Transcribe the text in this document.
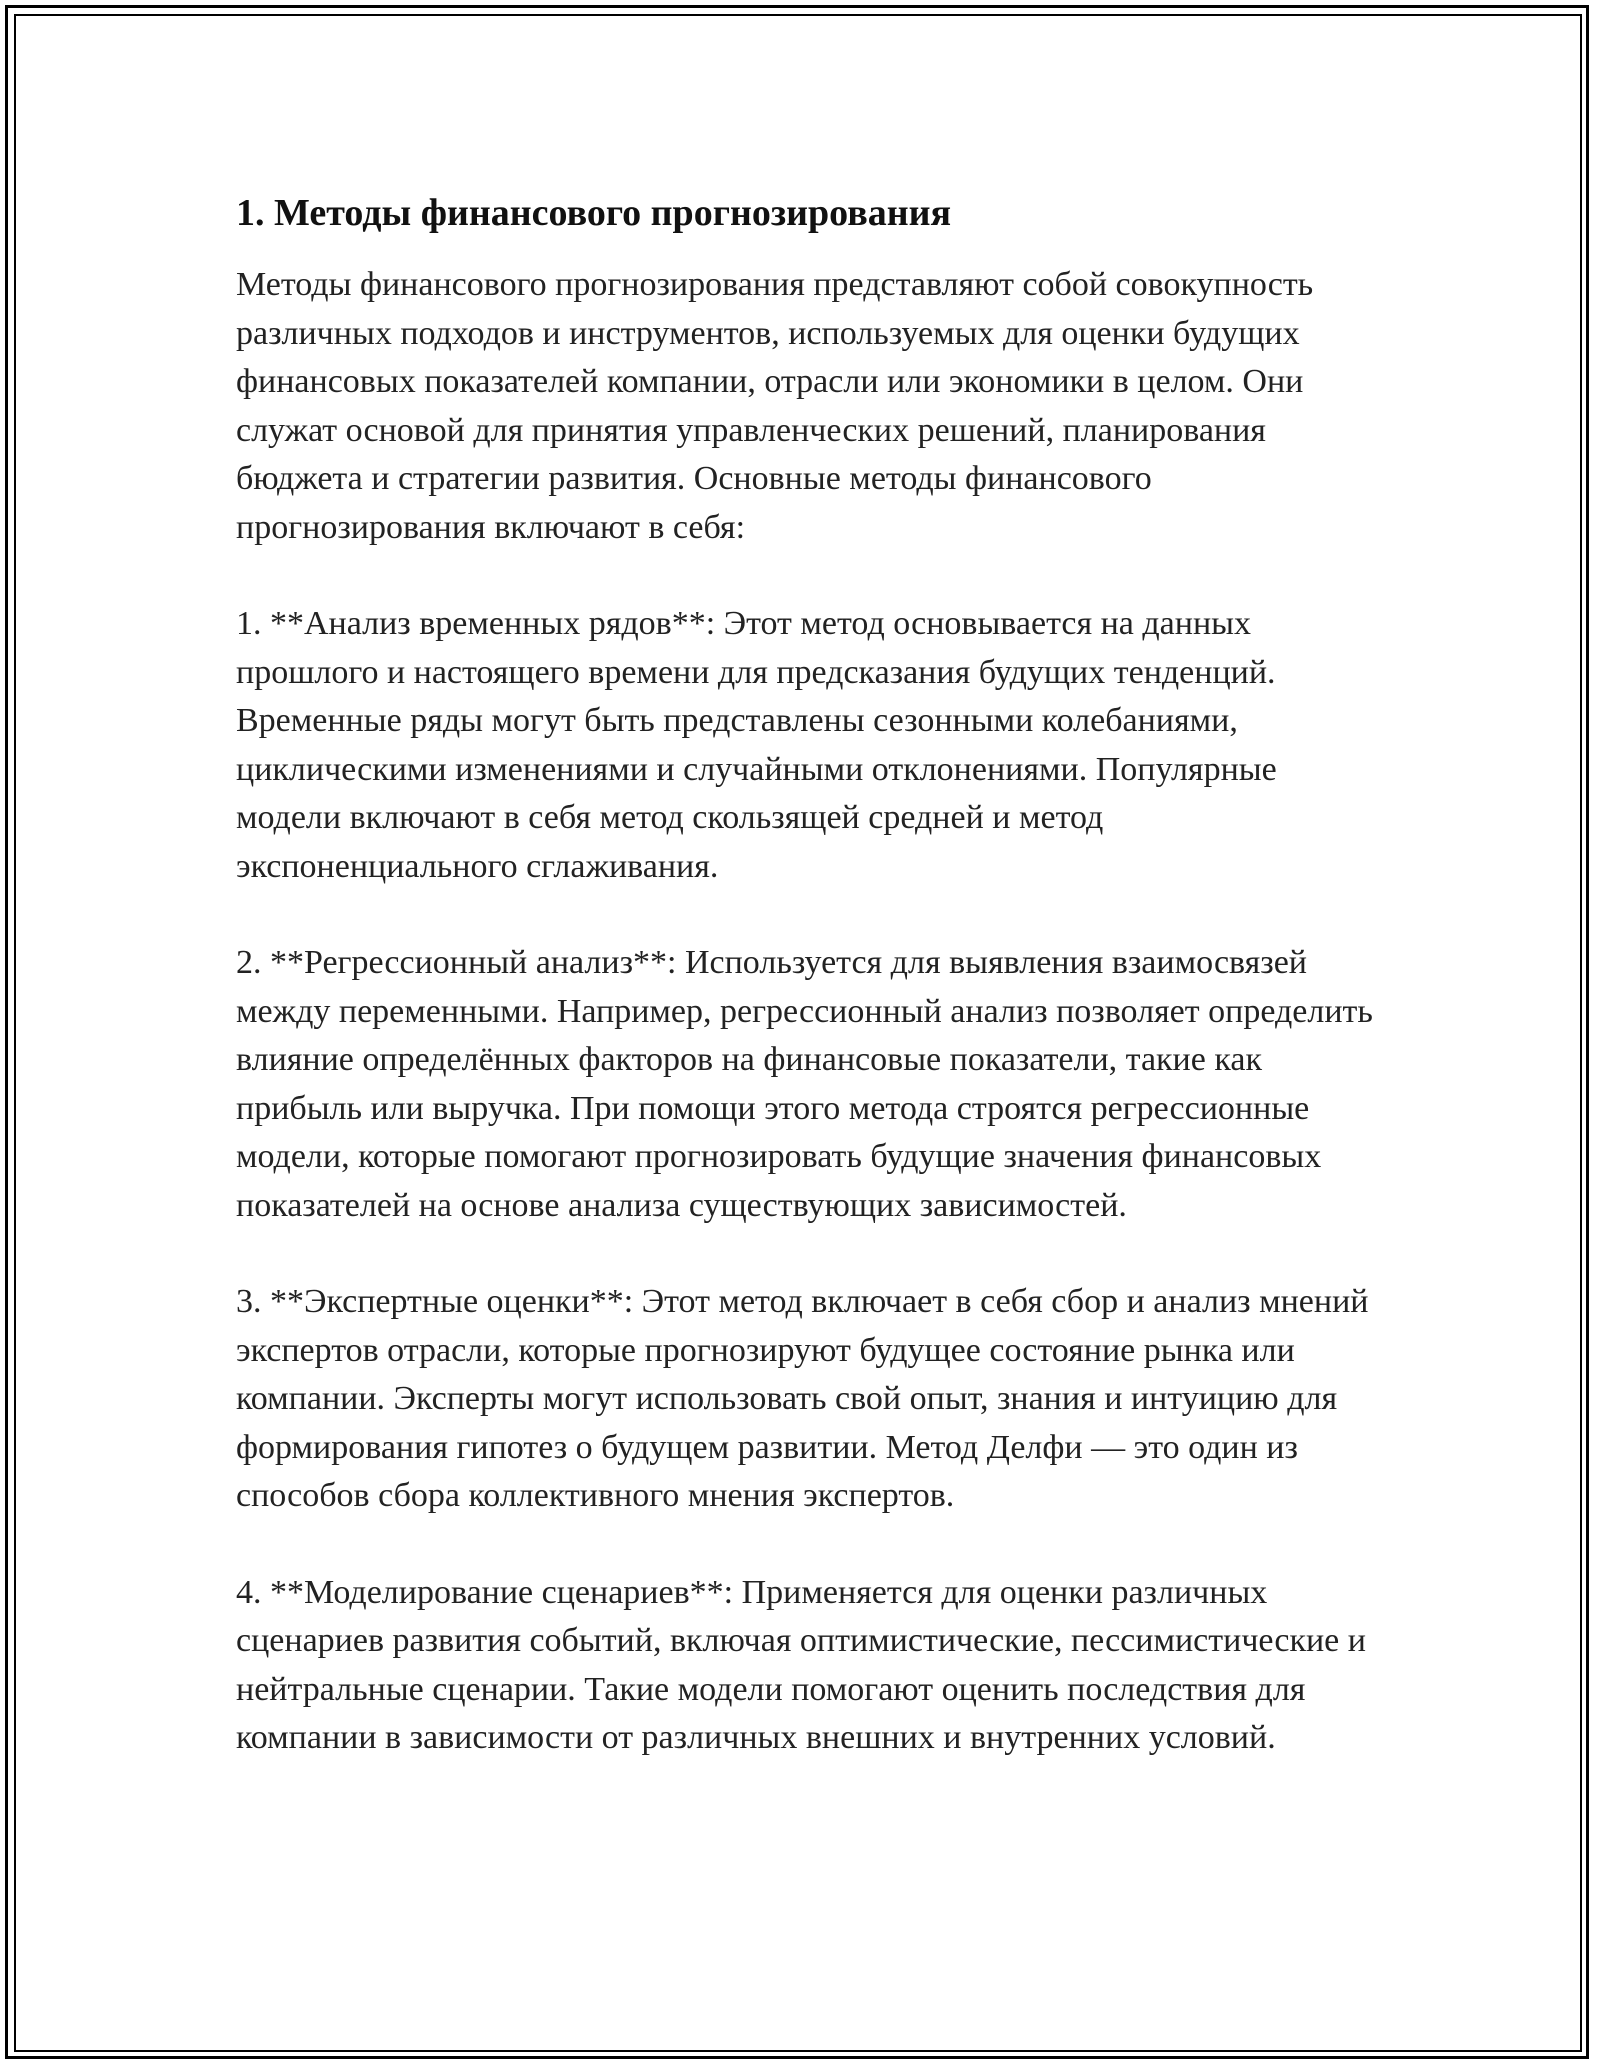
1. Методы финансового прогнозирования

Методы финансового прогнозирования представляют собой совокупность различных подходов и инструментов, используемых для оценки будущих финансовых показателей компании, отрасли или экономики в целом. Они служат основой для принятия управленческих решений, планирования бюджета и стратегии развития. Основные методы финансового прогнозирования включают в себя:

1. **Анализ временных рядов**: Этот метод основывается на данных прошлого и настоящего времени для предсказания будущих тенденций. Временные ряды могут быть представлены сезонными колебаниями, циклическими изменениями и случайными отклонениями. Популярные модели включают в себя метод скользящей средней и метод экспоненциального сглаживания.

2. **Регрессионный анализ**: Используется для выявления взаимосвязей между переменными. Например, регрессионный анализ позволяет определить влияние определённых факторов на финансовые показатели, такие как прибыль или выручка. При помощи этого метода строятся регрессионные модели, которые помогают прогнозировать будущие значения финансовых показателей на основе анализа существующих зависимостей.

3. **Экспертные оценки**: Этот метод включает в себя сбор и анализ мнений экспертов отрасли, которые прогнозируют будущее состояние рынка или компании. Эксперты могут использовать свой опыт, знания и интуицию для формирования гипотез о будущем развитии. Метод Делфи — это один из способов сбора коллективного мнения экспертов.

4. **Моделирование сценариев**: Применяется для оценки различных сценариев развития событий, включая оптимистические, пессимистические и нейтральные сценарии. Такие модели помогают оценить последствия для компании в зависимости от различных внешних и внутренних условий.
